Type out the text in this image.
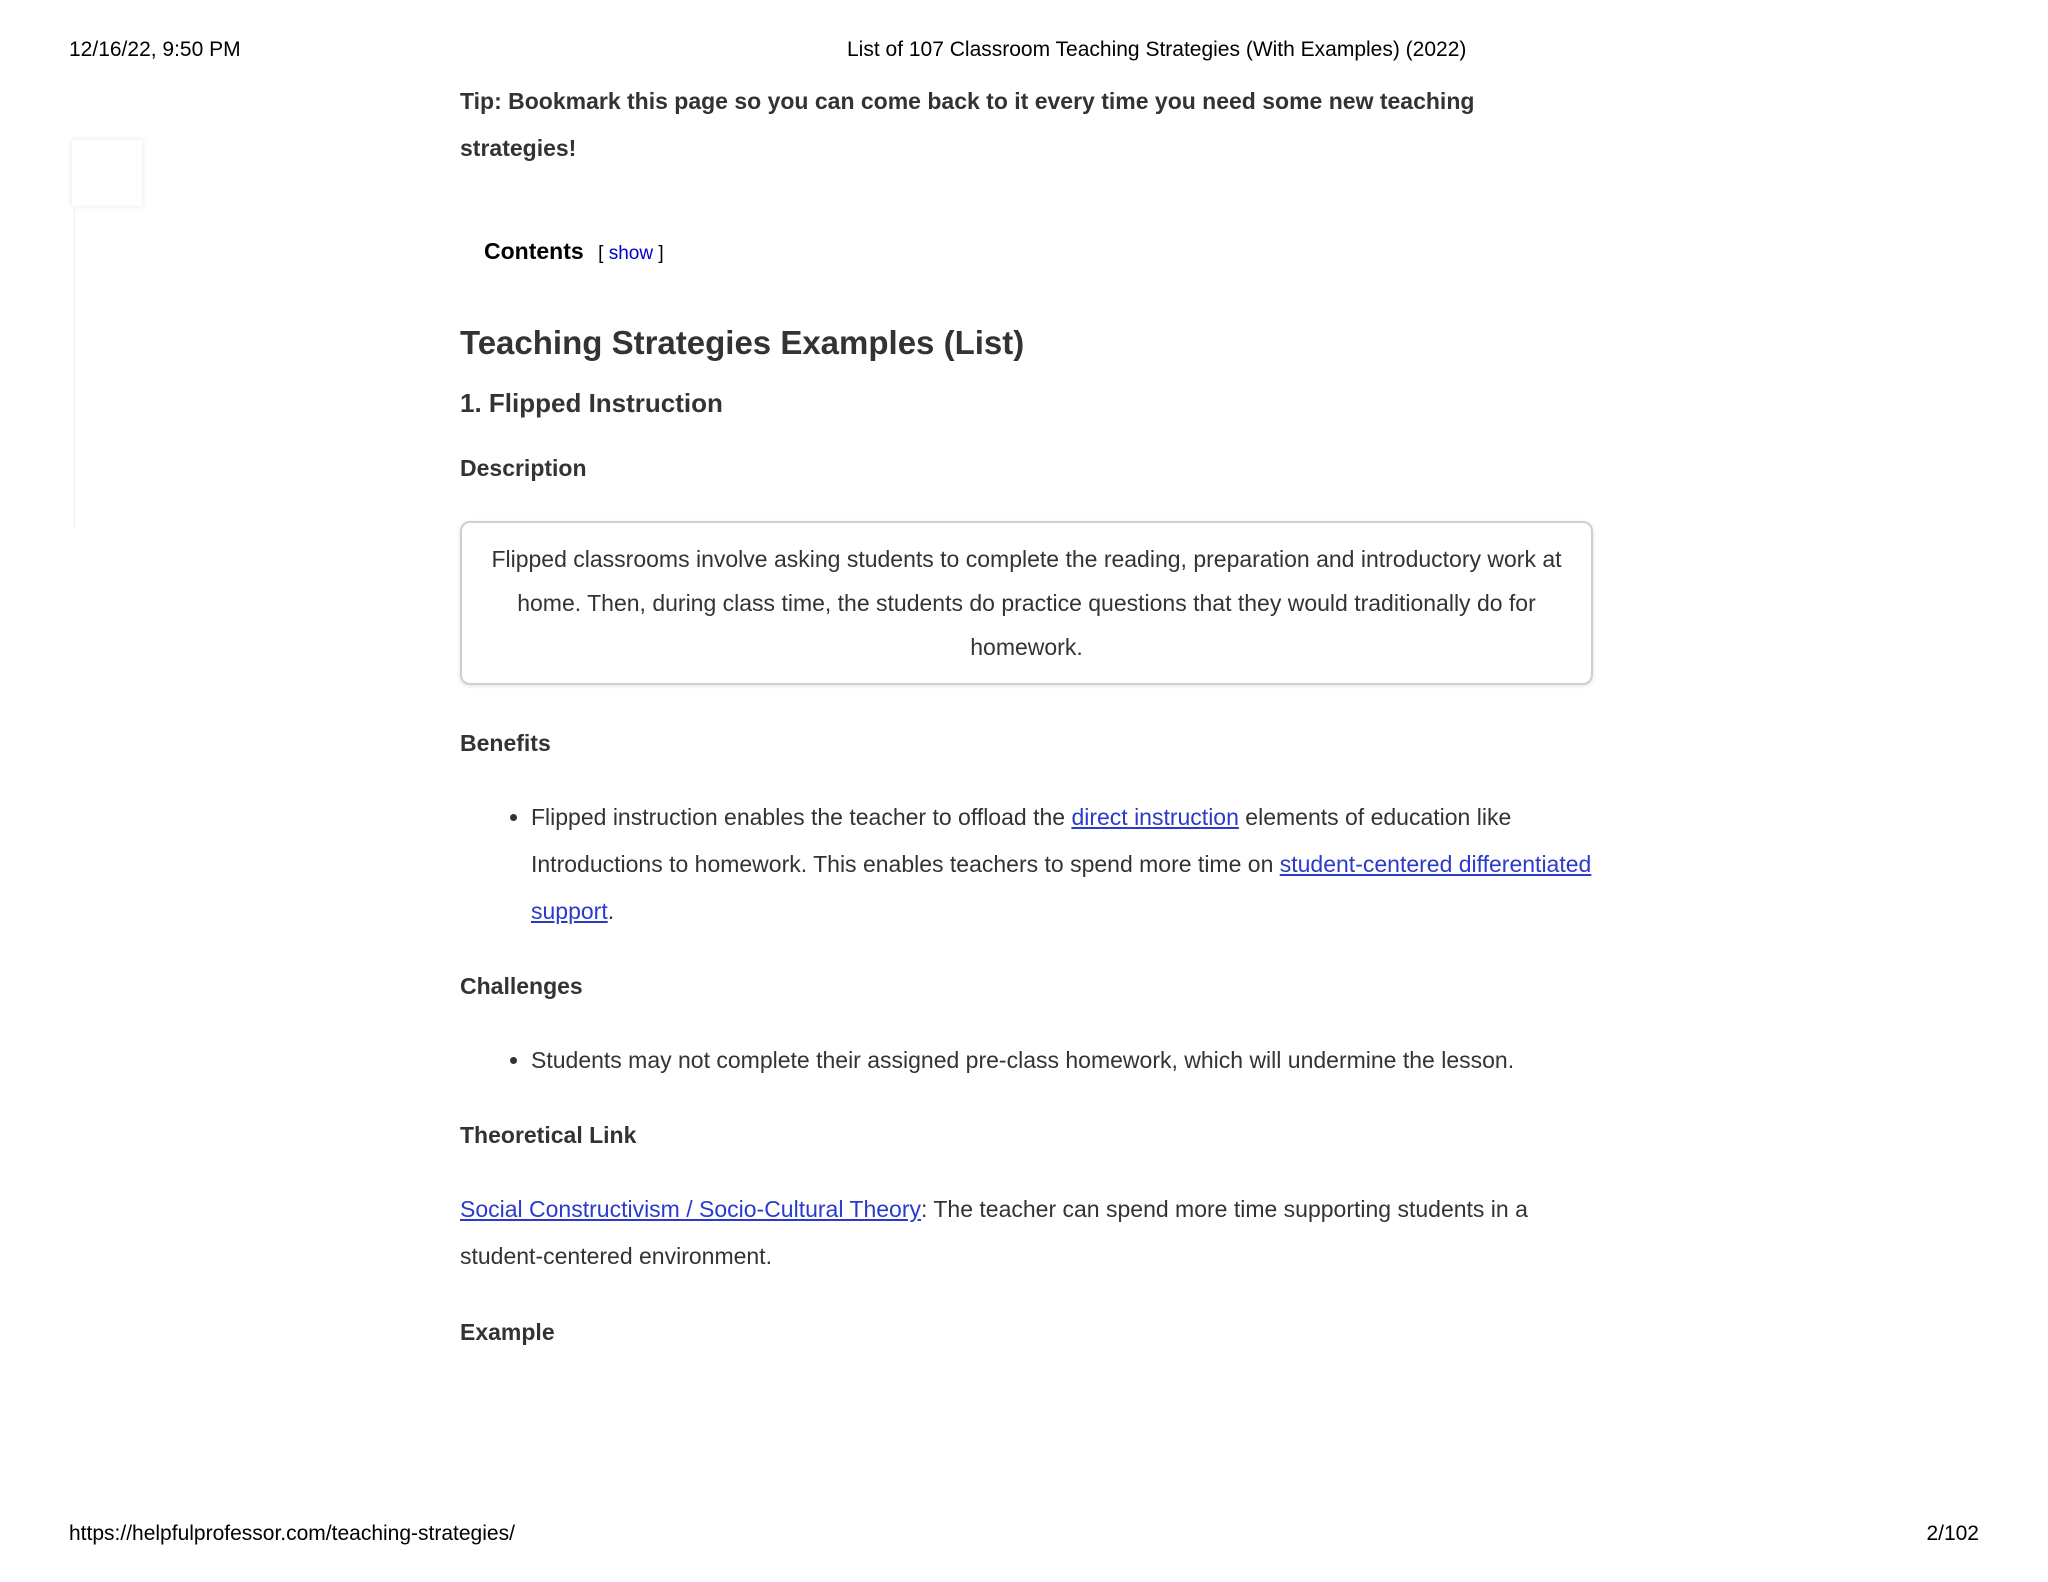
12/16/22, 9:50 PM	List of 107 Classroom Teaching Strategies (With Examples) (2022)

Tip: Bookmark this page so you can come back to it every time you need some new teaching strategies!

Contents [ show ]
Teaching Strategies Examples (List)
1. Flipped Instruction
Description
Flipped classrooms involve asking students to complete the reading, preparation and introductory work at home. Then, during class time, the students do practice questions that they would traditionally do for homework.
Benefits
• Flipped instruction enables the teacher to offload the direct instruction elements of education like Introductions to homework. This enables teachers to spend more time on student-centered differentiated support.
Challenges
• Students may not complete their assigned pre-class homework, which will undermine the lesson.
Theoretical Link

Social Constructivism / Socio-Cultural Theory: The teacher can spend more time supporting students in a student-centered environment.

Example
https://helpfulprofessor.com/teaching-strategies/	2/102
